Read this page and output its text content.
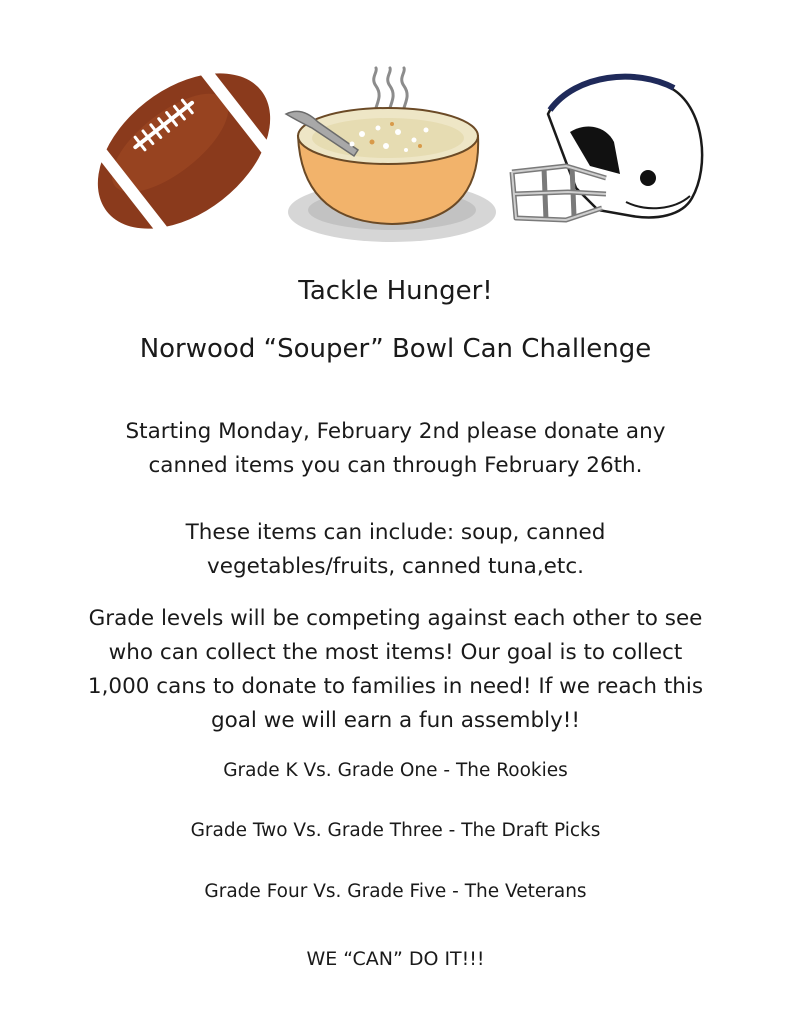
Tackle Hunger!
Norwood “Souper” Bowl Can Challenge
Starting Monday, February 2nd please donate any
canned items you can through February 26th.
These items can include: soup, canned
vegetables/fruits, canned tuna,etc.
Grade levels will be competing against each other to see
who can collect the most items! Our goal is to collect
1,000 cans to donate to families in need! If we reach this
goal we will earn a fun assembly!!
Grade K Vs. Grade One - The Rookies
Grade Two Vs. Grade Three - The Draft Picks
Grade Four Vs. Grade Five - The Veterans
WE “CAN” DO IT!!!
